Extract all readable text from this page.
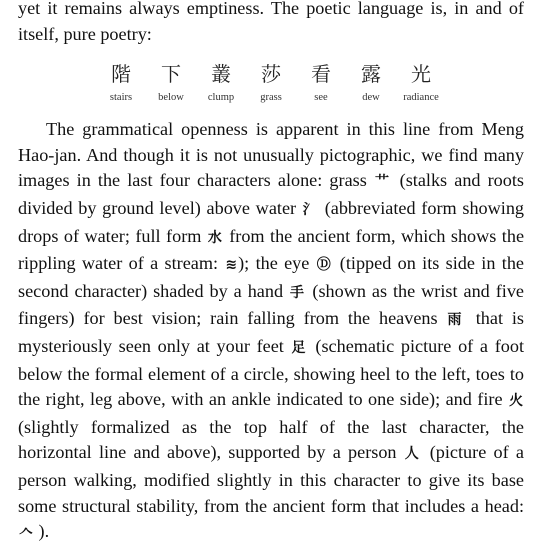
yet it remains always emptiness. The poetic language is, in and of itself, pure poetry:

階
stairs
下
below
叢
clump
莎
grass
看
see
露
dew
光
radiance

The grammatical openness is apparent in this line from Meng Hao-jan. And though it is not unusually pictographic, we find many images in the last four characters alone: grass 艹 (stalks and roots divided by ground level) above water 氵 (abbreviated form showing drops of water; full form 水 from the ancient form, which shows the rippling water of a stream: ≋); the eye Ⓓ (tipped on its side in the second character) shaded by a hand 手 (shown as the wrist and five fingers) for best vision; rain falling from the heavens 雨 that is mysteriously seen only at your feet 足 (schematic picture of a foot below the formal element of a circle, showing heel to the left, toes to the right, leg above, with an ankle indicated to one side); and fire 火 (slightly formalized as the top half of the last character, the horizontal line and above), supported by a person 人 (picture of a person walking, modified slightly in this character to give its base some structural stability, from the ancient form that includes a head: 𠆢 ).
